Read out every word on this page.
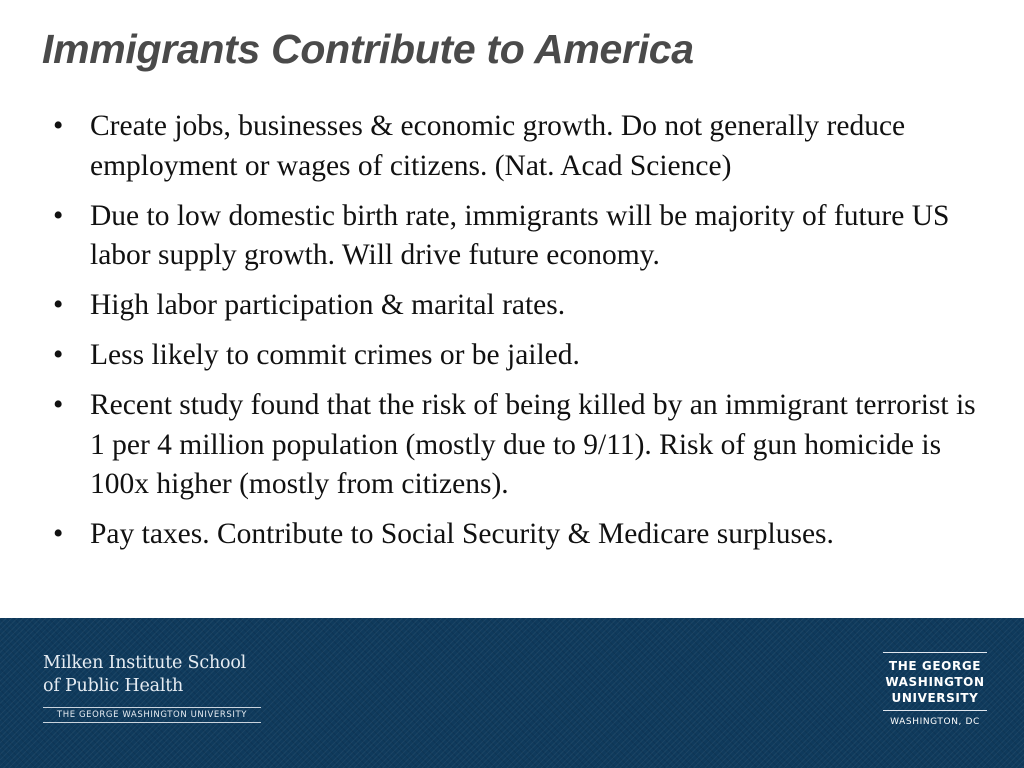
Immigrants Contribute to America
• Create jobs, businesses & economic growth. Do not generally reduce employment or wages of citizens. (Nat. Acad Science)
• Due to low domestic birth rate, immigrants will be majority of future US labor supply growth. Will drive future economy.
• High labor participation & marital rates.
• Less likely to commit crimes or be jailed.
• Recent study found that the risk of being killed by an immigrant terrorist is 1 per 4 million population (mostly due to 9/11). Risk of gun homicide is 100x higher (mostly from citizens).
• Pay taxes. Contribute to Social Security & Medicare surpluses.
Milken Institute School
of Public Health
THE GEORGE WASHINGTON UNIVERSITY
THE GEORGE
WASHINGTON
UNIVERSITY
WASHINGTON, DC
